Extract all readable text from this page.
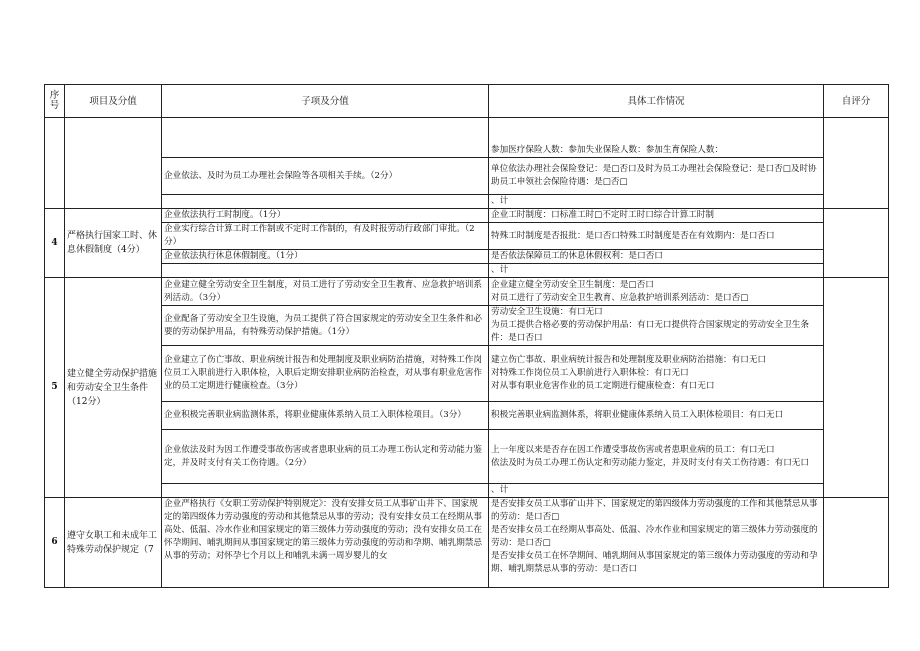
序号	项目及分值	子项及分值	具体工作情况	自评分

			参加医疗保险人数：参加失业保险人数：参加生育保险人数：	

		企业依法、及时为员工办理社会保险等各项相关手续。（2分）	单位依法办理社会保险登记：是□否口及时为员工办理社会保险登记：是口否□及时协助员工申领社会保险待遇：是□否□	

			、计	
4	严格执行国家工时、休息休假制度（4分）	企业依法执行工时制度。（1分）	企业工时制度：口标准工时□不定时工时口综合计算工时制	
		企业实行综合计算工时工作制或不定时工作制的，有及时报劳动行政部门审批。（2分）	特殊工时制度是否报批：是口否口特殊工时制度是否在有效期内：是口否口	
		企业依法执行休息休假制度。（1分）	是否依法保障员工的休息休假权利：是口否口	
			、计	
5	建立健全劳动保护措施和劳动安全卫生条件（12分）	企业建立健全劳动安全卫生制度，对员工进行了劳动安全卫生教育、应急救护培训系列活动。（3分）	企业建立健全劳动安全卫生制度：是□否口
对员工进行了劳动安全卫生教育、应急救护培训系列活动：是口否□	

		企业配备了劳动安全卫生设施，为员工提供了符合国家规定的劳动安全卫生条件和必要的劳动保护用品，有特殊劳动保护措施。（1分）	劳动安全卫生设施：有口无口
为员工提供合格必要的劳动保护用品：有口无口提供符合国家规定的劳动安全卫生条件：是口否口	

		企业建立了伤亡事故、职业病统计报告和处理制度及职业病防治措施，对特殊工作岗位员工入职前进行入职体检，入职后定期安排职业病防治检查，对从事有职业危害作业的员工定期进行健康检查。（3分）	建立伤亡事故、职业病统计报告和处理制度及职业病防治措施：有口无口
对特殊工作岗位员工入职前进行入职体检：有口无口
对从事有职业危害作业的员工定期进行健康检查：有口无口	

		企业积极完善职业病监测体系，将职业健康体系纳入员工入职体检项目。（3分）	积极完善职业病监测体系，将职业健康体系纳入员工入职体检项目：有口无口	

		企业依法及时为因工作遭受事故伤害或者患职业病的员工办理工伤认定和劳动能力鉴定，并及时支付有关工伤待遇。（2分）	上一年度以来是否存在因工作遭受事故伤害或者患职业病的员工：有口无口
依法及时为员工办理工伤认定和劳动能力鉴定，并及时支付有关工伤待遇：有口无口	

			、计	
6	遵守女职工和未成年工特殊劳动保护规定（7	企业严格执行《女职工劳动保护特别规定》：没有安排女员工从事矿山井下、国家规定的第四级体力劳动强度的劳动和其他禁忌从事的劳动；没有安排女员工在经期从事高处、低温、冷水作业和国家规定的第三级体力劳动强度的劳动；没有安排女员工在怀孕期间、哺乳期间从事国家规定的第三级体力劳动强度的劳动和孕期、哺乳期禁忌从事的劳动；对怀孕七个月以上和哺乳未满一周岁婴儿的女	是否安排女员工从事矿山井下、国家规定的第四级体力劳动强度的工作和其他禁忌从事的劳动：是口否□
是否安排女员工在经期从事高处、低温、冷水作业和国家规定的第三级体力劳动强度的劳动：是口否□
是否安排女员工在怀孕期间、哺乳期间从事国家规定的第三级体力劳动强度的劳动和孕期、哺乳期禁忌从事的劳动：是口否口	
